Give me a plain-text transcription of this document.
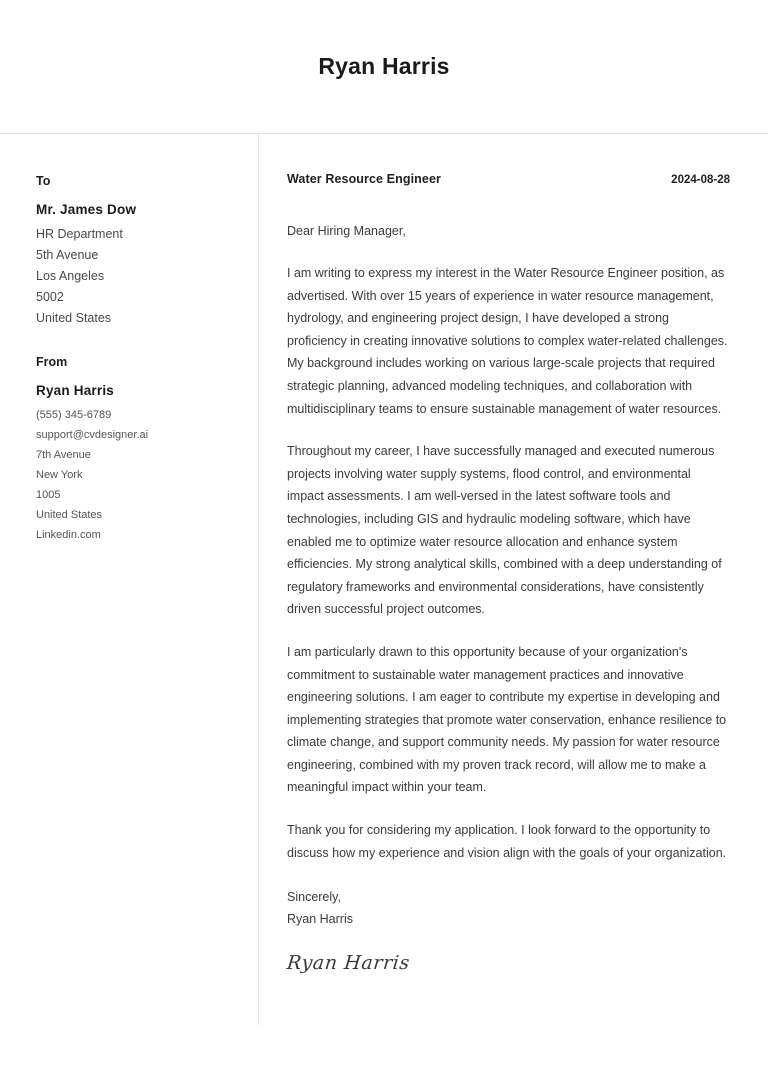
Ryan Harris
To
Mr. James Dow
HR Department
5th Avenue
Los Angeles
5002
United States
From
Ryan Harris
(555) 345-6789
support@cvdesigner.ai
7th Avenue
New York
1005
United States
Linkedin.com
Water Resource Engineer	2024-08-28
Dear Hiring Manager,

I am writing to express my interest in the Water Resource Engineer position, as advertised. With over 15 years of experience in water resource management, hydrology, and engineering project design, I have developed a strong proficiency in creating innovative solutions to complex water-related challenges. My background includes working on various large-scale projects that required strategic planning, advanced modeling techniques, and collaboration with multidisciplinary teams to ensure sustainable management of water resources.

Throughout my career, I have successfully managed and executed numerous projects involving water supply systems, flood control, and environmental impact assessments. I am well-versed in the latest software tools and technologies, including GIS and hydraulic modeling software, which have enabled me to optimize water resource allocation and enhance system efficiencies. My strong analytical skills, combined with a deep understanding of regulatory frameworks and environmental considerations, have consistently driven successful project outcomes.

I am particularly drawn to this opportunity because of your organization's commitment to sustainable water management practices and innovative engineering solutions. I am eager to contribute my expertise in developing and implementing strategies that promote water conservation, enhance resilience to climate change, and support community needs. My passion for water resource engineering, combined with my proven track record, will allow me to make a meaningful impact within your team.

Thank you for considering my application. I look forward to the opportunity to discuss how my experience and vision align with the goals of your organization.

Sincerely,
Ryan Harris
Ryan Harris
